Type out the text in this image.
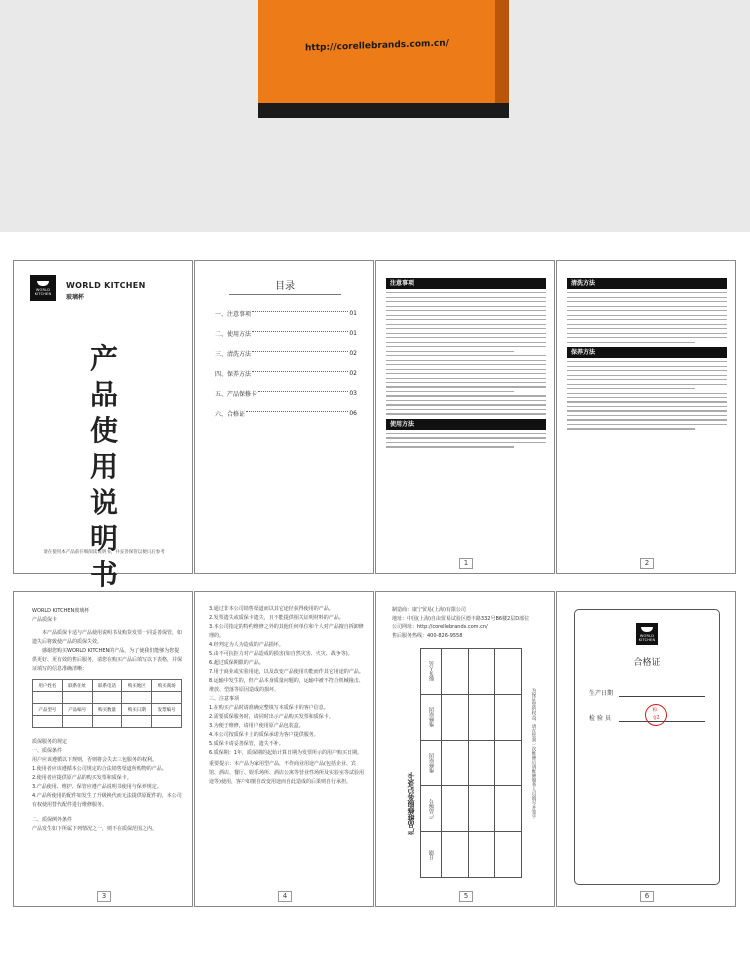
http://corellebrands.com.cn/
WORLD
KITCHEN
WORLD KITCHEN
玻璃杯
产品使用说明书
请在使用本产品前仔细阅读说明书，并妥善保管以便日后参考
目录
一、注意事项	01
二、使用方法	01
三、清洗方法	02
四、保养方法	02
五、产品保修卡	03
六、合格证	06
注意事项
使用方法
1
清洗方法
保养方法
2
WORLD KITCHEN玻璃杯
产品质保卡
本产品质保卡适与产品使用说明书及购货发票一同妥善保管，如遗失后将致使产品的质保失效。
感谢您购买WORLD KITCHEN的产品，为了使我们能够为您提供更好、更有效的售后服务，请您在购买产品后填写以下表格，并保证填写的信息准确清晰：
用户姓名	联系住址	联系电话	购买地区	购买商场

产品型号	产品编号	购买数量	购买日期	发票编号

质保服务的规定
一、质保条件
用户应该遵循以下规则，否则将会失去三包服务的权利。
1.使用者应该遵循本公司规定的合法销售渠道所购物的产品。
2.使用者应提供原产品的购买发票和质保卡。
3.产品使用、维护、保管应遵产品说明书使用与保养规定。
4.产品所使用的配件如发生了升级换代而无法提供原配件的，本公司有权使用替代配件进行维修服务。
二、质保例外条件
产品发生如下所属下列情况之一，则不在质保范围之内。
3
3.通过非本公司销售渠道而以其它途径获得使用的产品。
2.发票遗失或质保卡遗失，且不能提供相关证明材料的产品。
3.本公司指定的特约维修之外的其他任何单位和个人对产品擅自拆卸修理的。
4.经判定为人为造成的产品损坏。
5.由不可抗拒力对产品造成的损害(如自然灾害、火灾、战争等)。
6.超过质保期限的产品。
7.用于商业或实验用途，以及改变产品使用功能而作其它用途的产品。
8.运输中发生的，但产品本身质量问题的，运输中被不符合机械撞击、堆放、型落等原因造成的损坏。
三、注意事项
1.在购买产品时请准确完整填写本质保卡的客户信息。
2.需要质保服务时，请同时出示产品购买发票和质保卡。
3.为便于维修，请用户使用原产品包装盒。
4.本公司按质保卡上的质保承诺为客户提供服务。
5.质保卡请妥善保管，遗失不补。
6.质保期：1年，质保期的起始计算日期为发票所示的用户购买日期。
重要提示：本产品为家用型产品，不作商业用途产品(包括企业、宾馆、酒店、餐厅、娱乐场所、酒店公寓等营业性场所及实验室等试验用途等)使用，客户如擅自改变用途而自此造成的后果则自行承担。
4
制造商：康宁贸易(上海)有限公司
地址：中国(上海)自由贸易试验区德丰路332号B6楼2层D部位
公司网址：http://corellebrands.com.cn/
售后服务热线：400-826-9558
产品维修服务记录卡
服务人员
维修原因
维修原因
产品编号
日期
为保证您的权益，请在您第一次维修后请维修服务人员填写并签字
5
WORLD
KITCHEN
合格证
生产日期
检验员
检
02
6
